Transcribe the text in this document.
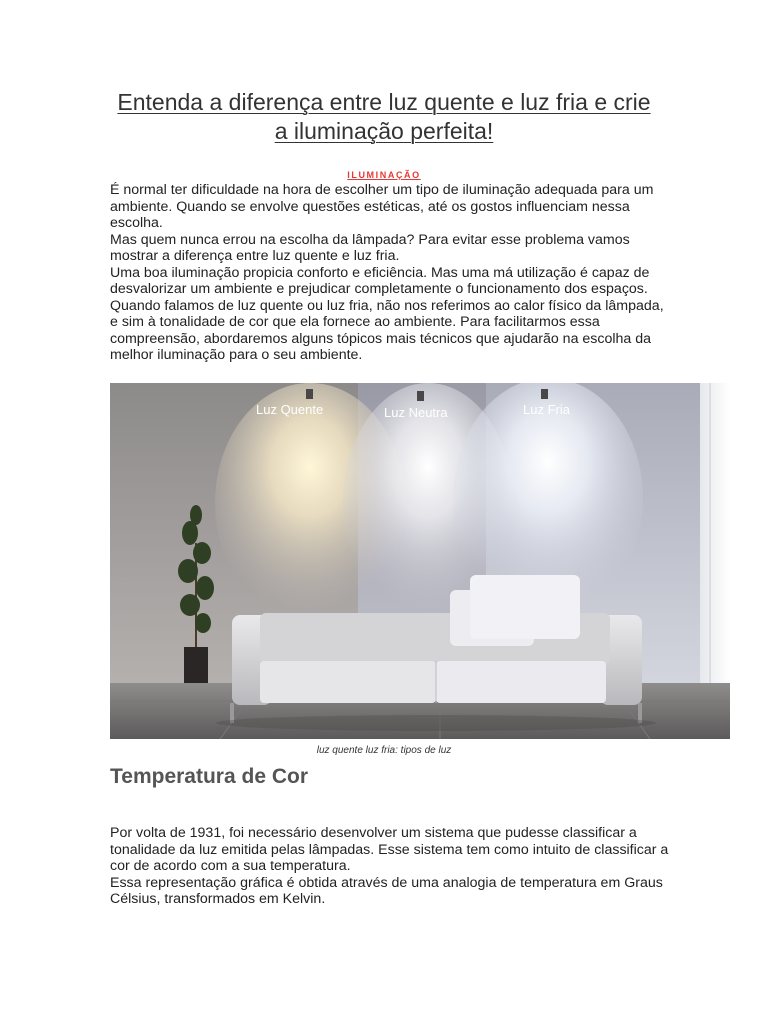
Entenda a diferença entre luz quente e luz fria e crie a iluminação perfeita!
ILUMINAÇÃO

É normal ter dificuldade na hora de escolher um tipo de iluminação adequada para um ambiente. Quando se envolve questões estéticas, até os gostos influenciam nessa escolha.

Mas quem nunca errou na escolha da lâmpada? Para evitar esse problema vamos mostrar a diferença entre luz quente e luz fria.

Uma boa iluminação propicia conforto e eficiência. Mas uma má utilização é capaz de desvalorizar um ambiente e prejudicar completamente o funcionamento dos espaços.

Quando falamos de luz quente ou luz fria, não nos referimos ao calor físico da lâmpada, e sim à tonalidade de cor que ela fornece ao ambiente. Para facilitarmos essa compreensão, abordaremos alguns tópicos mais técnicos que ajudarão na escolha da melhor iluminação para o seu ambiente.

Luz Quente	Luz Neutra	Luz Fria
luz quente luz fria: tipos de luz
Temperatura de Cor

Por volta de 1931, foi necessário desenvolver um sistema que pudesse classificar a tonalidade da luz emitida pelas lâmpadas. Esse sistema tem como intuito de classificar a cor de acordo com a sua temperatura.

Essa representação gráfica é obtida através de uma analogia de temperatura em Graus Célsius, transformados em Kelvin.
